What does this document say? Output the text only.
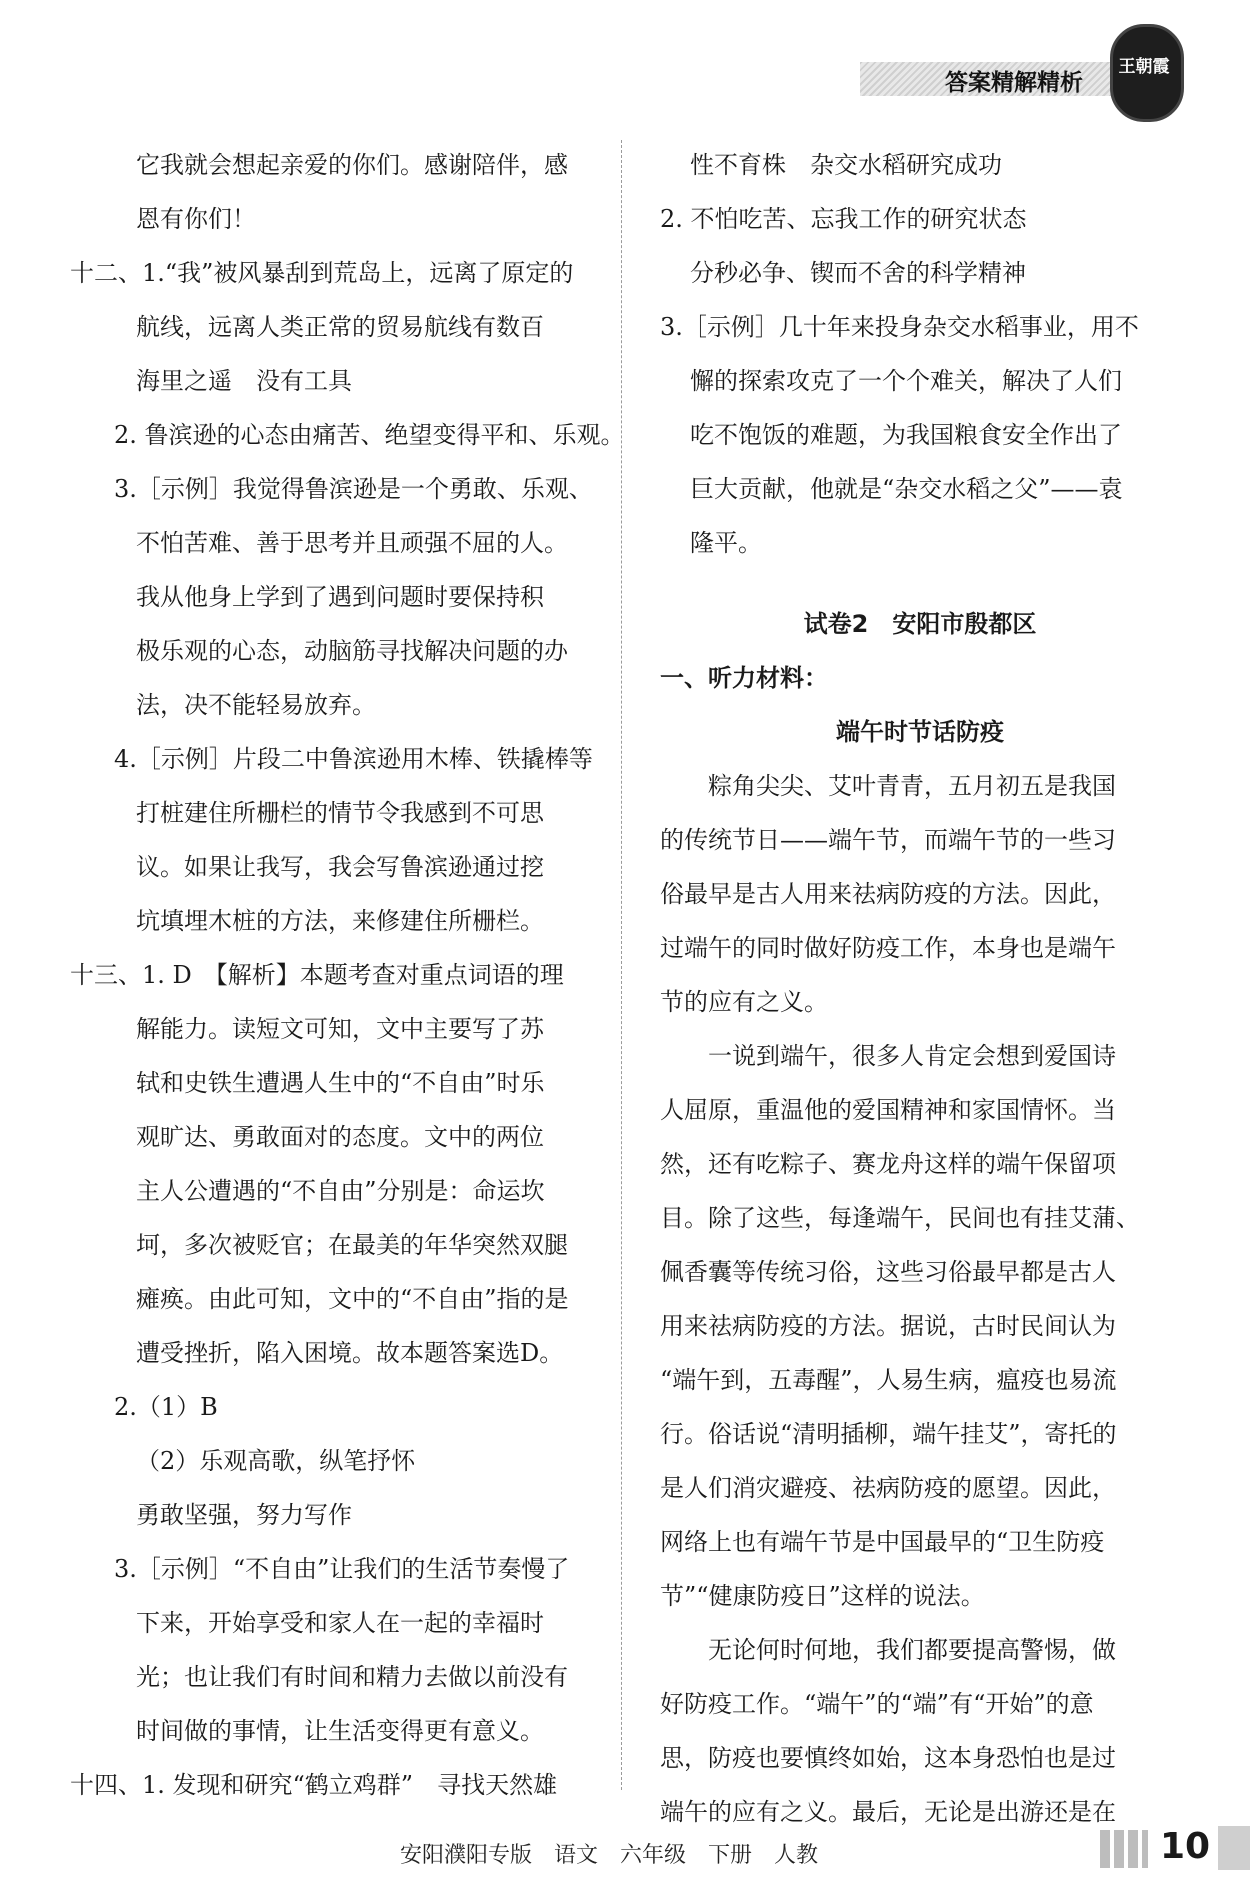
答案精解精析
王朝霞
它我就会想起亲爱的你们。感谢陪伴，感
恩有你们！
十二、1.“我”被风暴刮到荒岛上，远离了原定的
航线，远离人类正常的贸易航线有数百
海里之遥　没有工具
2. 鲁滨逊的心态由痛苦、绝望变得平和、乐观。
3.［示例］我觉得鲁滨逊是一个勇敢、乐观、
不怕苦难、善于思考并且顽强不屈的人。
我从他身上学到了遇到问题时要保持积
极乐观的心态，动脑筋寻找解决问题的办
法，决不能轻易放弃。
4.［示例］片段二中鲁滨逊用木棒、铁撬棒等
打桩建住所栅栏的情节令我感到不可思
议。如果让我写，我会写鲁滨逊通过挖
坑填埋木桩的方法，来修建住所栅栏。
十三、1. D　【解析】本题考查对重点词语的理
解能力。读短文可知，文中主要写了苏
轼和史铁生遭遇人生中的“不自由”时乐
观旷达、勇敢面对的态度。文中的两位
主人公遭遇的“不自由”分别是：命运坎
坷，多次被贬官；在最美的年华突然双腿
瘫痪。由此可知，文中的“不自由”指的是
遭受挫折，陷入困境。故本题答案选D。
2.（1）B
（2）乐观高歌，纵笔抒怀
勇敢坚强，努力写作
3.［示例］“不自由”让我们的生活节奏慢了
下来，开始享受和家人在一起的幸福时
光；也让我们有时间和精力去做以前没有
时间做的事情，让生活变得更有意义。
十四、1. 发现和研究“鹤立鸡群”　寻找天然雄
性不育株　杂交水稻研究成功
2. 不怕吃苦、忘我工作的研究状态
分秒必争、锲而不舍的科学精神
3.［示例］几十年来投身杂交水稻事业，用不
懈的探索攻克了一个个难关，解决了人们
吃不饱饭的难题，为我国粮食安全作出了
巨大贡献，他就是“杂交水稻之父”——袁
隆平。
试卷2　安阳市殷都区
一、听力材料：
端午时节话防疫
粽角尖尖、艾叶青青，五月初五是我国
的传统节日——端午节，而端午节的一些习
俗最早是古人用来祛病防疫的方法。因此，
过端午的同时做好防疫工作，本身也是端午
节的应有之义。
一说到端午，很多人肯定会想到爱国诗
人屈原，重温他的爱国精神和家国情怀。当
然，还有吃粽子、赛龙舟这样的端午保留项
目。除了这些，每逢端午，民间也有挂艾蒲、
佩香囊等传统习俗，这些习俗最早都是古人
用来祛病防疫的方法。据说，古时民间认为
“端午到，五毒醒”，人易生病，瘟疫也易流
行。俗话说“清明插柳，端午挂艾”，寄托的
是人们消灾避疫、祛病防疫的愿望。因此，
网络上也有端午节是中国最早的“卫生防疫
节”“健康防疫日”这样的说法。
无论何时何地，我们都要提高警惕，做
好防疫工作。“端午”的“端”有“开始”的意
思，防疫也要慎终如始，这本身恐怕也是过
端午的应有之义。最后，无论是出游还是在
安阳濮阳专版　语文　六年级　下册　人教	10
